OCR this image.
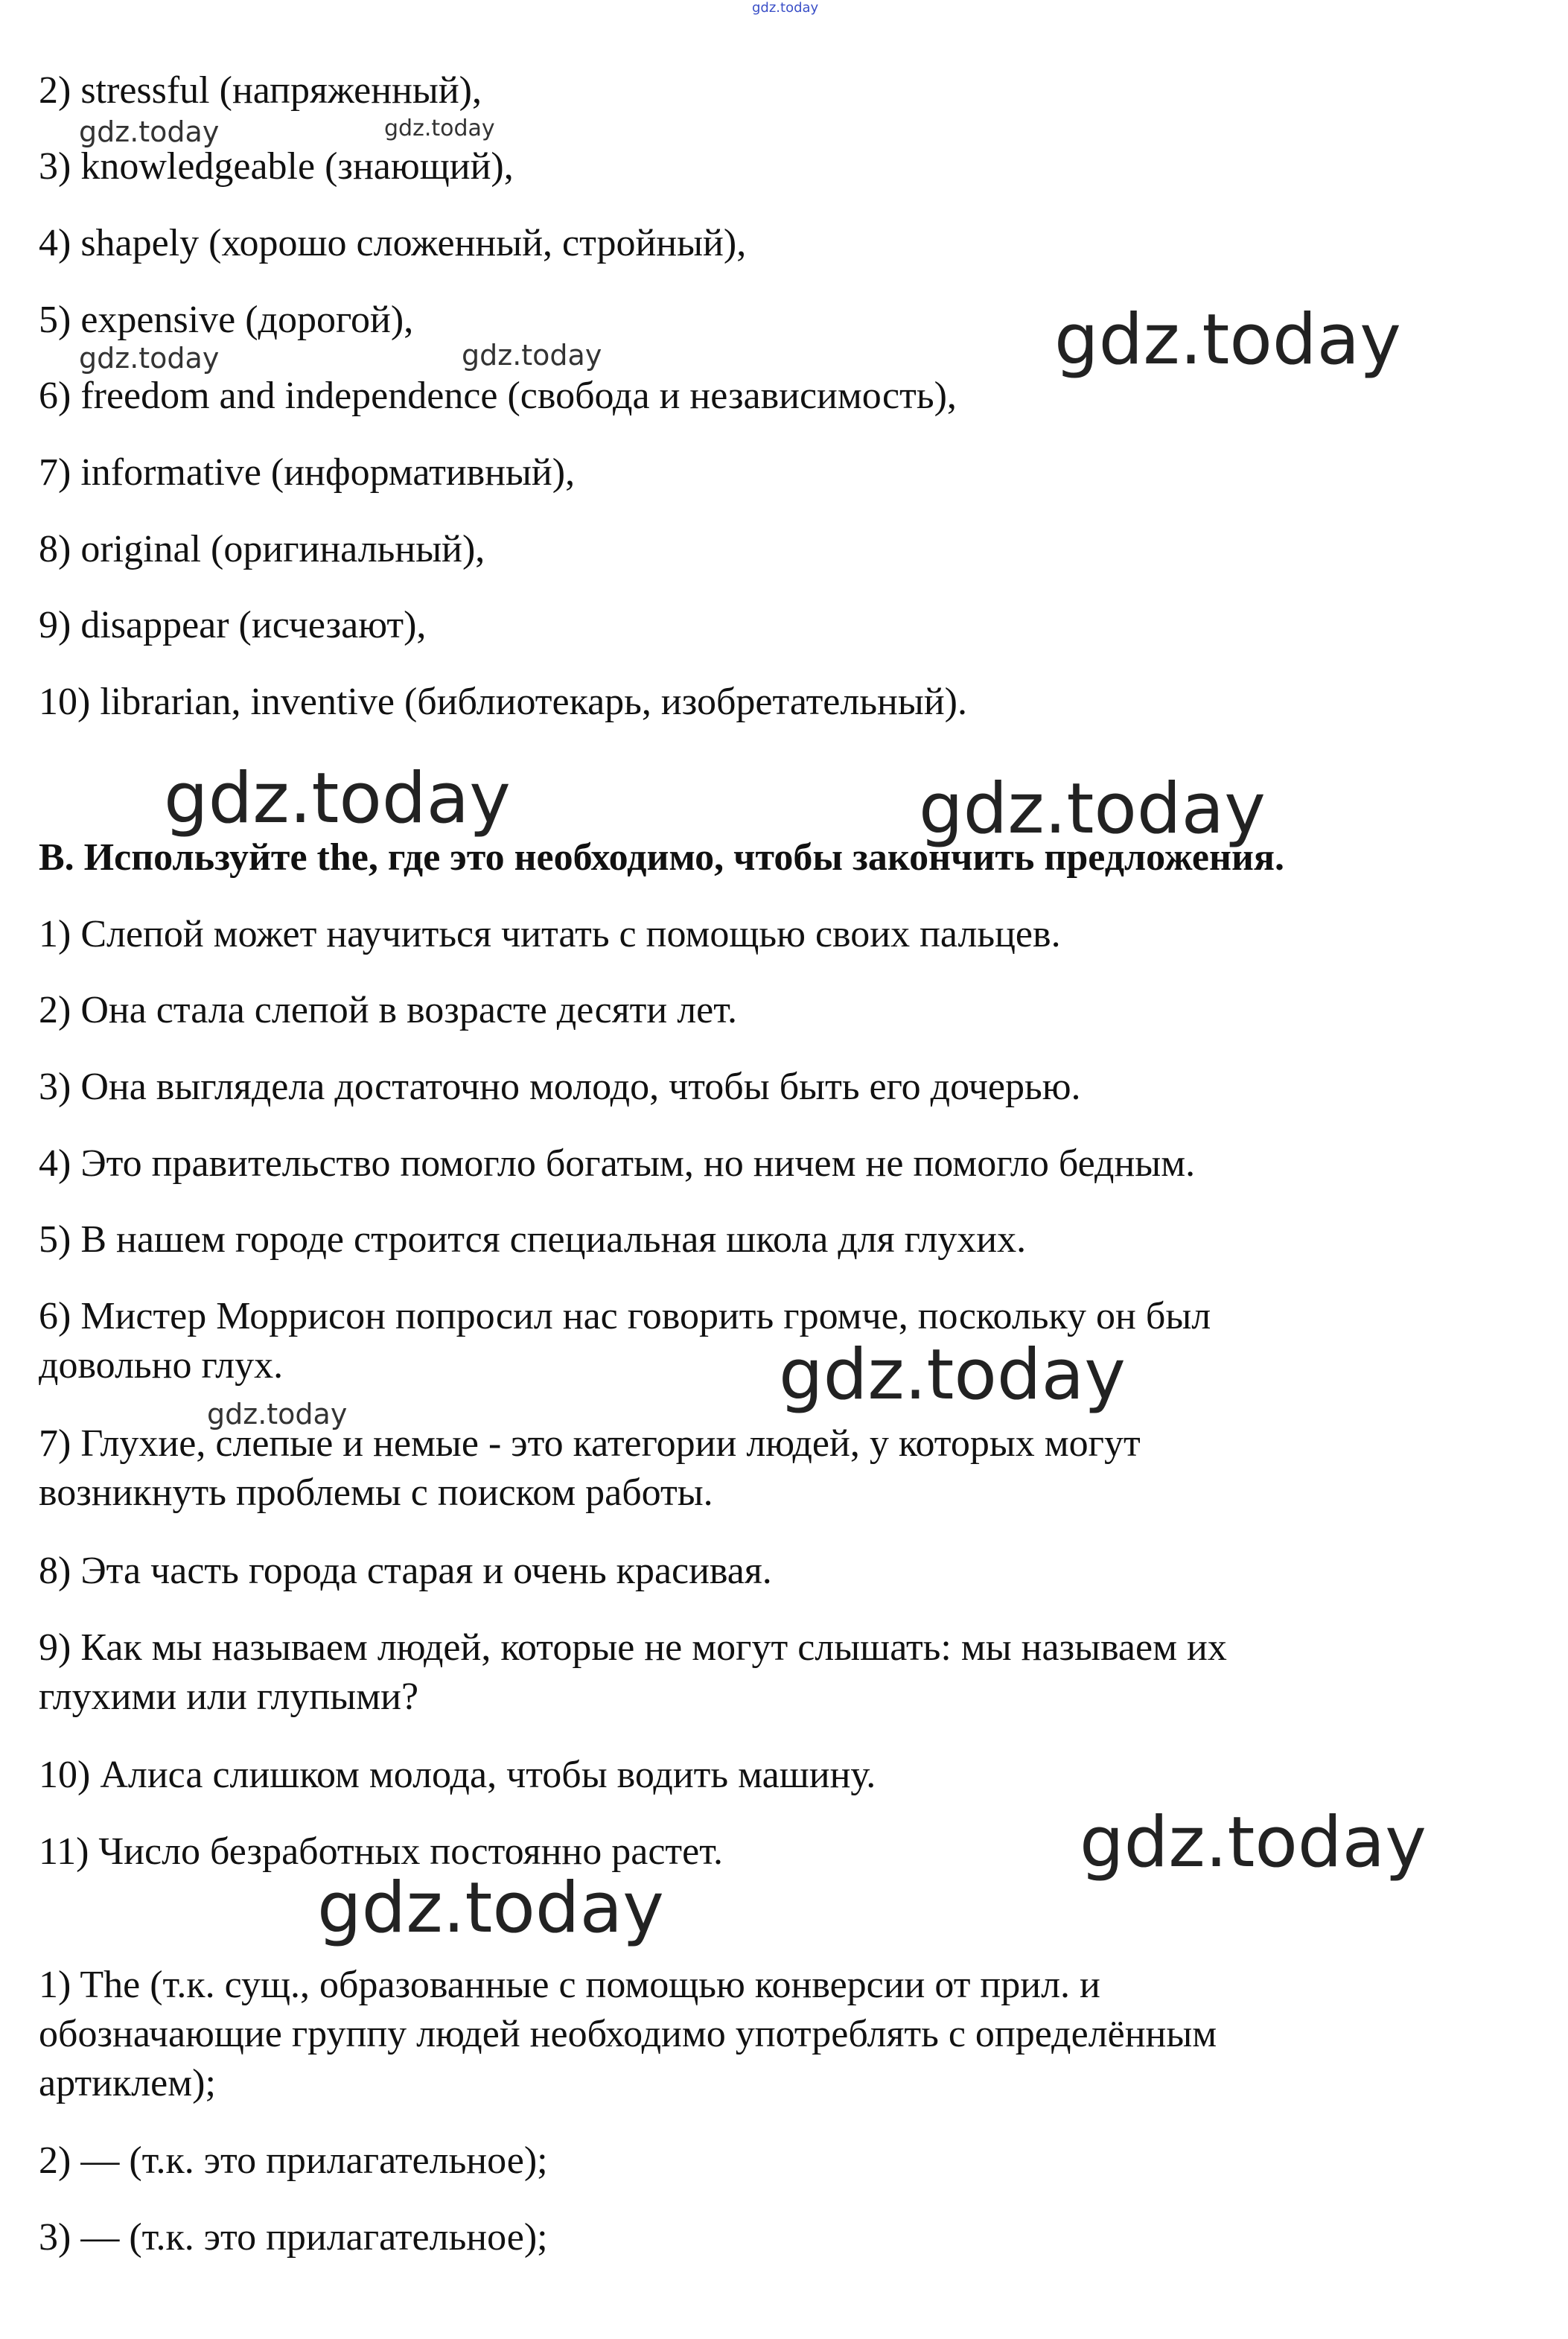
gdz.today
2) stressful (напряженный),
3) knowledgeable (знающий),
4) shapely (хорошо сложенный, стройный),
5) expensive (дорогой),
6) freedom and independence (свобода и независимость),
7) informative (информативный),
8) original (оригинальный),
9) disappear (исчезают),
10) librarian, inventive (библиотекарь, изобретательный).
B. Используйте the, где это необходимо, чтобы закончить предложения.
1) Слепой может научиться читать с помощью своих пальцев.
2) Она стала слепой в возрасте десяти лет.
3) Она выглядела достаточно молодо, чтобы быть его дочерью.
4) Это правительство помогло богатым, но ничем не помогло бедным.
5) В нашем городе строится специальная школа для глухих.
6) Мистер Моррисон попросил нас говорить громче, поскольку он был
довольно глух.
7) Глухие, слепые и немые - это категории людей, у которых могут
возникнуть проблемы с поиском работы.
8) Эта часть города старая и очень красивая.
9) Как мы называем людей, которые не могут слышать: мы называем их
глухими или глупыми?
10) Алиса слишком молода, чтобы водить машину.
11) Число безработных постоянно растет.
1) The (т.к. сущ., образованные с помощью конверсии от прил. и
обозначающие группу людей необходимо употреблять с определённым
артиклем);
2) — (т.к. это прилагательное);
3) — (т.к. это прилагательное);
gdz.today
gdz.today
gdz.today	gdz.today	gdz.today
gdz.today	gdz.today
gdz.today
gdz.today
gdz.today
gdz.today
